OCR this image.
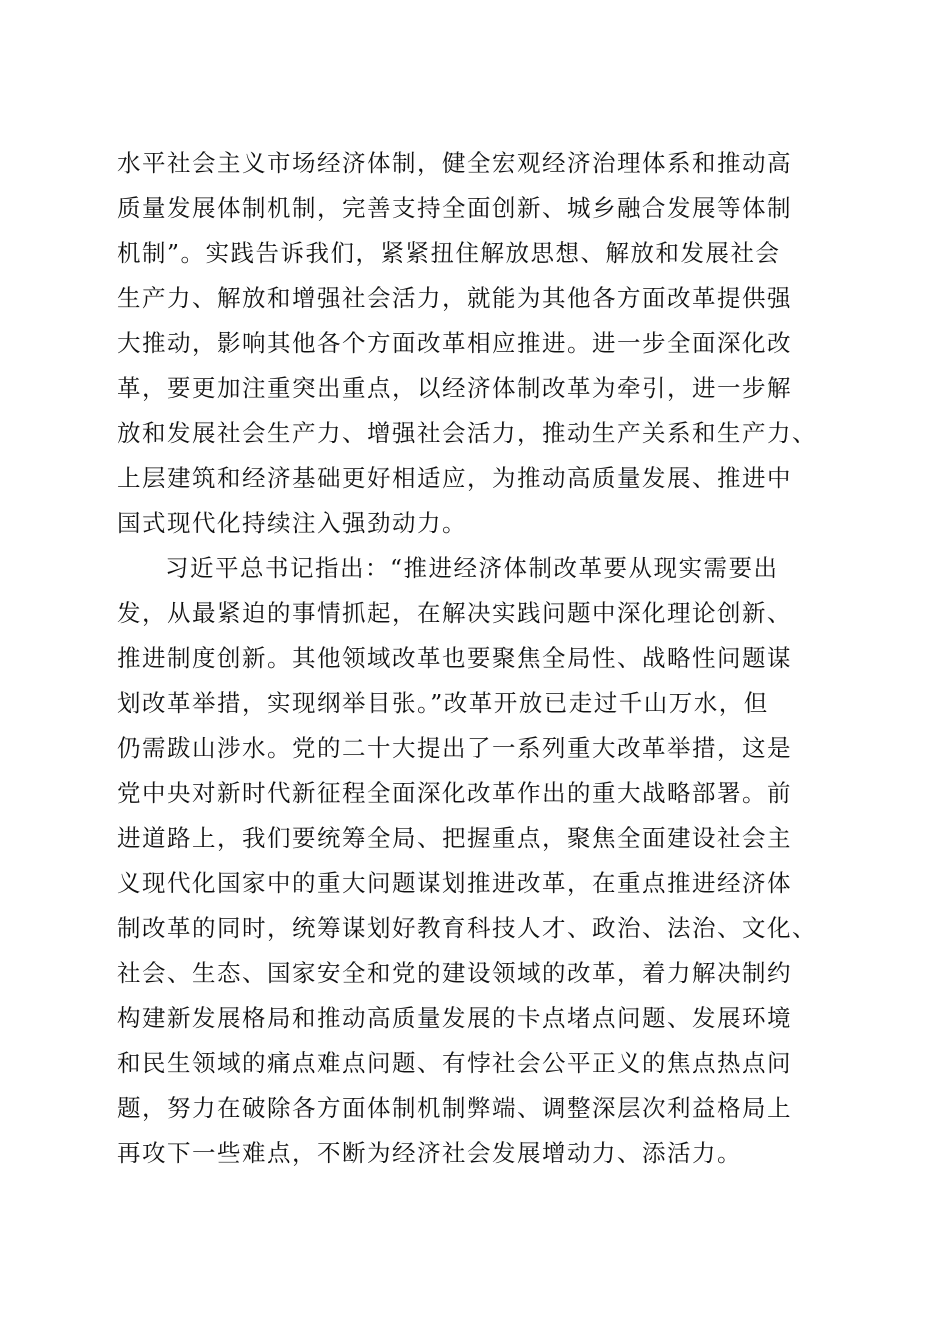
水平社会主义市场经济体制，健全宏观经济治理体系和推动高
质量发展体制机制，完善支持全面创新、城乡融合发展等体制
机制”。实践告诉我们，紧紧扭住解放思想、解放和发展社会
生产力、解放和增强社会活力，就能为其他各方面改革提供强
大推动，影响其他各个方面改革相应推进。进一步全面深化改
革，要更加注重突出重点，以经济体制改革为牵引，进一步解
放和发展社会生产力、增强社会活力，推动生产关系和生产力、
上层建筑和经济基础更好相适应，为推动高质量发展、推进中
国式现代化持续注入强劲动力。
习近平总书记指出：“推进经济体制改革要从现实需要出
发，从最紧迫的事情抓起，在解决实践问题中深化理论创新、
推进制度创新。其他领域改革也要聚焦全局性、战略性问题谋
划改革举措，实现纲举目张。”改革开放已走过千山万水，但
仍需跋山涉水。党的二十大提出了一系列重大改革举措，这是
党中央对新时代新征程全面深化改革作出的重大战略部署。前
进道路上，我们要统筹全局、把握重点，聚焦全面建设社会主
义现代化国家中的重大问题谋划推进改革，在重点推进经济体
制改革的同时，统筹谋划好教育科技人才、政治、法治、文化、
社会、生态、国家安全和党的建设领域的改革，着力解决制约
构建新发展格局和推动高质量发展的卡点堵点问题、发展环境
和民生领域的痛点难点问题、有悖社会公平正义的焦点热点问
题，努力在破除各方面体制机制弊端、调整深层次利益格局上
再攻下一些难点，不断为经济社会发展增动力、添活力。
